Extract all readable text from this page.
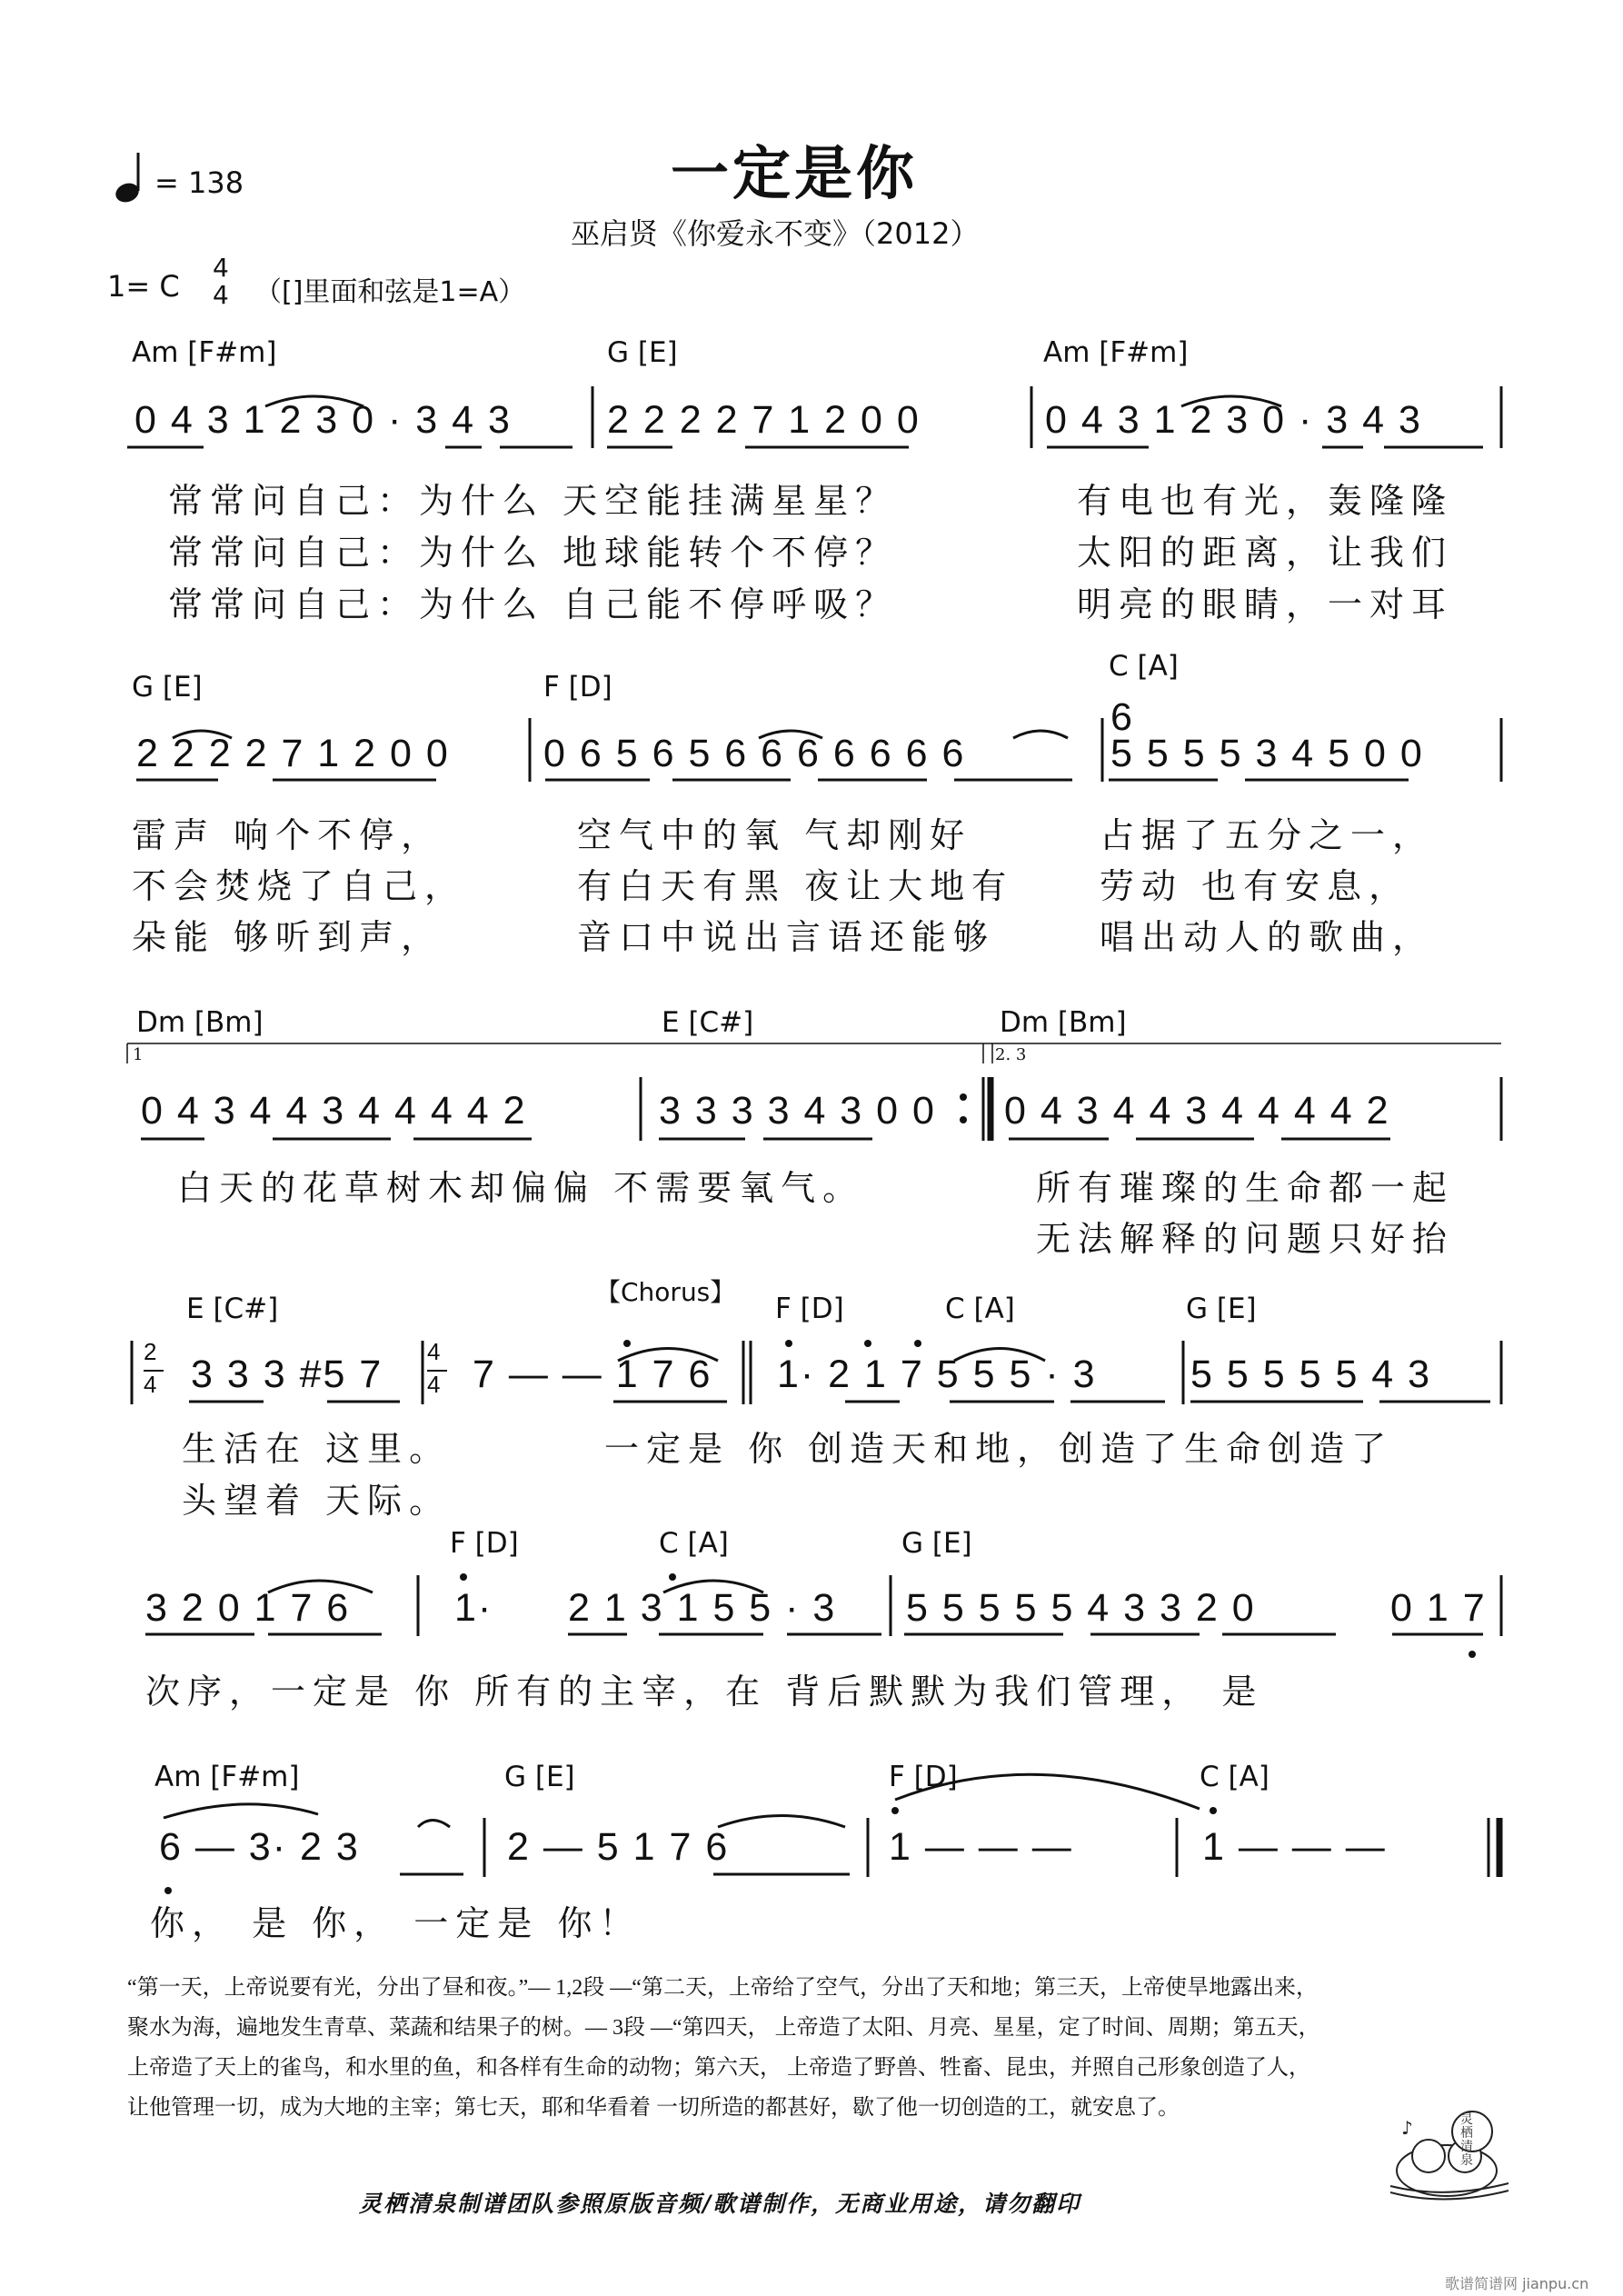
一定是你
巫启贤《你爱永不变》（2012）
= 138
1= C
4
4 （[]里面和弦是1=A）
Am [F#m]	G [E]	Am [F#m]
0 4 3 1 2 3 0 · 3 4 3 2 2 2 2 7 1 2 0 0	0 4 3 1 2 3 0 · 3 4 3
常常问自己：为什么 天空能挂满星星？	有电也有光，轰隆隆
常常问自己：为什么 地球能转个不停？	太阳的距离，让我们
常常问自己：为什么 自己能不停呼吸？	明亮的眼睛，一对耳
G [E]	F [D]
C [A]
2 2 2 2 7 1 2 0 0 0 6 5 6 5 6 6 6 6 6 6 6
6
5 5 5 5 3 4 5 0 0
雷声 响个不停，	空气中的氧 气却刚好	占据了五分之一，
不会焚烧了自己，	有白天有黑 夜让大地有 劳动 也有安息，
朵能 够听到声，	音口中说出言语还能够	唱出动人的歌曲，
Dm [Bm]	E [C#]	Dm [Bm]
1	2. 3
0 4 3 4 4 3 4 4 4 4 2	3 3 3 3 4 3 0 0 0 4 3 4 4 3 4 4 4 4 2
白天的花草树木却偏偏 不需要氧气。	所有璀璨的生命都一起
无法解释的问题只好抬
E [C#]
【Chorus】
F [D]	C [A]	G [E]
2
4 3 3 3 #5 7
4
4 7 — — 1 7 6 1· 2 1 7 5 5 5 · 3 5 5 5 5 5 4 3
生活在 这里。	一定是 你 创造天和地，创造了生命创造了
头望着 天际。
F [D]	C [A]	G [E]
3 2 0 1 7 6	1· 2 1 3 1 5 5 · 3 5 5 5 5 5 4 3 3 2 0	0 1 7
次序，一定是 你 所有的主宰，在 背后默默为我们管理， 是
Am [F#m]	G [E]	F [D]	C [A]
6 — 3· 2 3	2 — 5 1 7 6	1 — — —	1 — — —
你， 是 你， 一定是 你！
“第一天，上帝说要有光，分出了昼和夜。”— 1,2段 —“第二天，上帝给了空气，分出了天和地；第三天，上帝使旱地露出来，
聚水为海，遍地发生青草、菜蔬和结果子的树。— 3段 —“第四天， 上帝造了太阳、月亮、星星，定了时间、周期；第五天，
上帝造了天上的雀鸟，和水里的鱼，和各样有生命的动物；第六天， 上帝造了野兽、牲畜、昆虫，并照自己形象创造了人，
让他管理一切，成为大地的主宰；第七天，耶和华看着 一切所造的都甚好，歇了他一切创造的工，就安息了。
灵栖清泉制谱团队参照原版音频/歌谱制作，无商业用途，请勿翻印
♪	灵栖清泉
歌谱简谱网 jianpu.cn
